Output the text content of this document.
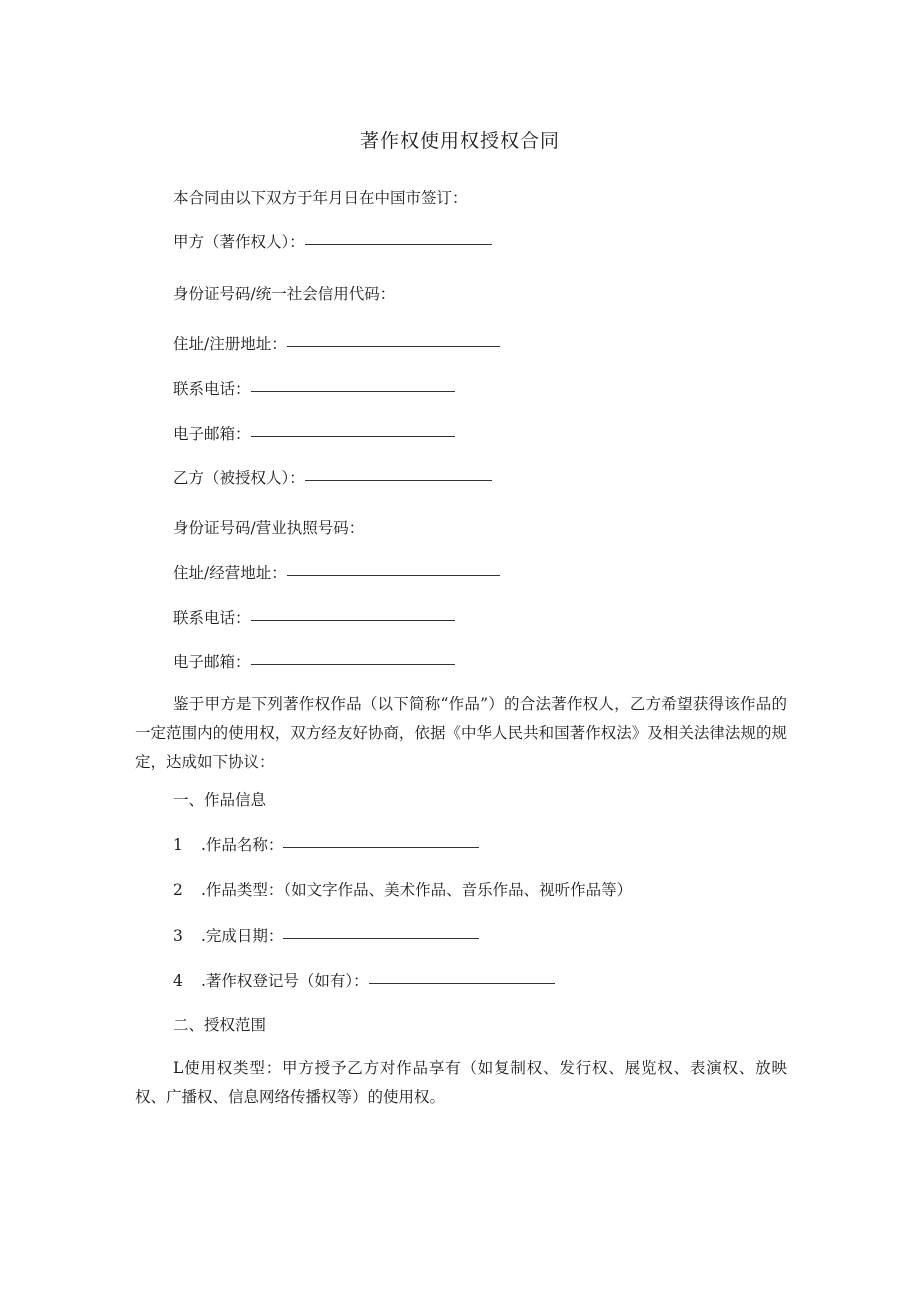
著作权使用权授权合同
本合同由以下双方于年月日在中国市签订：
甲方（著作权人）：
身份证号码/统一社会信用代码：
住址/注册地址：
联系电话：
电子邮箱：
乙方（被授权人）：
身份证号码/营业执照号码：
住址/经营地址：
联系电话：
电子邮箱：
鉴于甲方是下列著作权作品（以下简称“作品”）的合法著作权人，乙方希望获得该作品的一定范围内的使用权，双方经友好协商，依据《中华人民共和国著作权法》及相关法律法规的规定，达成如下协议：
一、作品信息
1 .作品名称：
2 .作品类型：（如文字作品、美术作品、音乐作品、视听作品等）
3 .完成日期：
4 .著作权登记号（如有）：
二、授权范围
L使用权类型：甲方授予乙方对作品享有（如复制权、发行权、展览权、表演权、放映权、广播权、信息网络传播权等）的使用权。
